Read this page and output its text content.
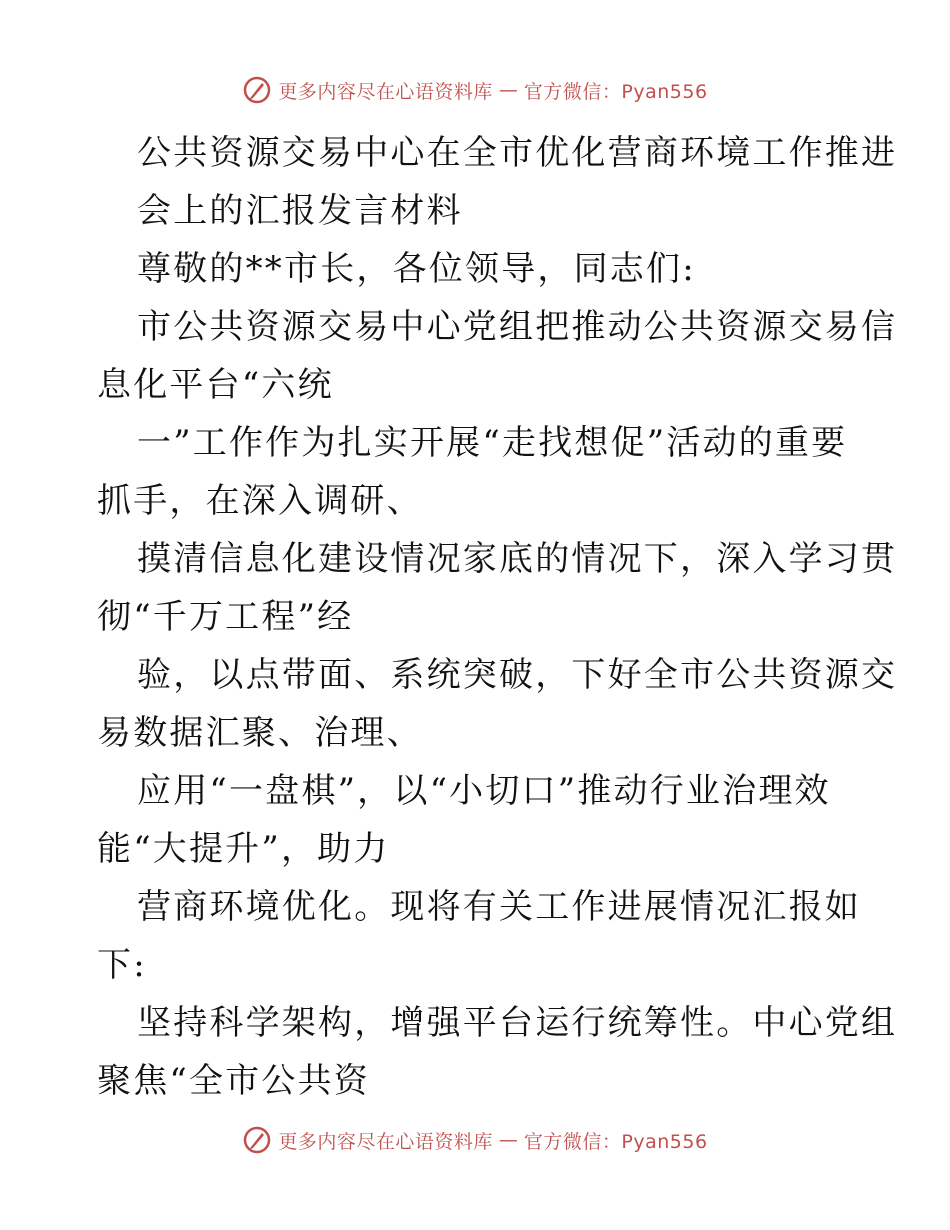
更多内容尽在心语资料库 — 官方微信：Pyan556
公共资源交易中心在全市优化营商环境工作推进
会上的汇报发言材料
尊敬的**市长，各位领导，同志们:
市公共资源交易中心党组把推动公共资源交易信
息化平台“六统
一”工作作为扎实开展“走找想促”活动的重要
抓手，在深入调研、
摸清信息化建设情况家底的情况下，深入学习贯
彻“千万工程”经
验，以点带面、系统突破，下好全市公共资源交
易数据汇聚、治理、
应用“一盘棋”，以“小切口”推动行业治理效
能“大提升”，助力
营商环境优化。现将有关工作进展情况汇报如
下:
坚持科学架构，增强平台运行统筹性。中心党组
聚焦“全市公共资
更多内容尽在心语资料库 — 官方微信：Pyan556
